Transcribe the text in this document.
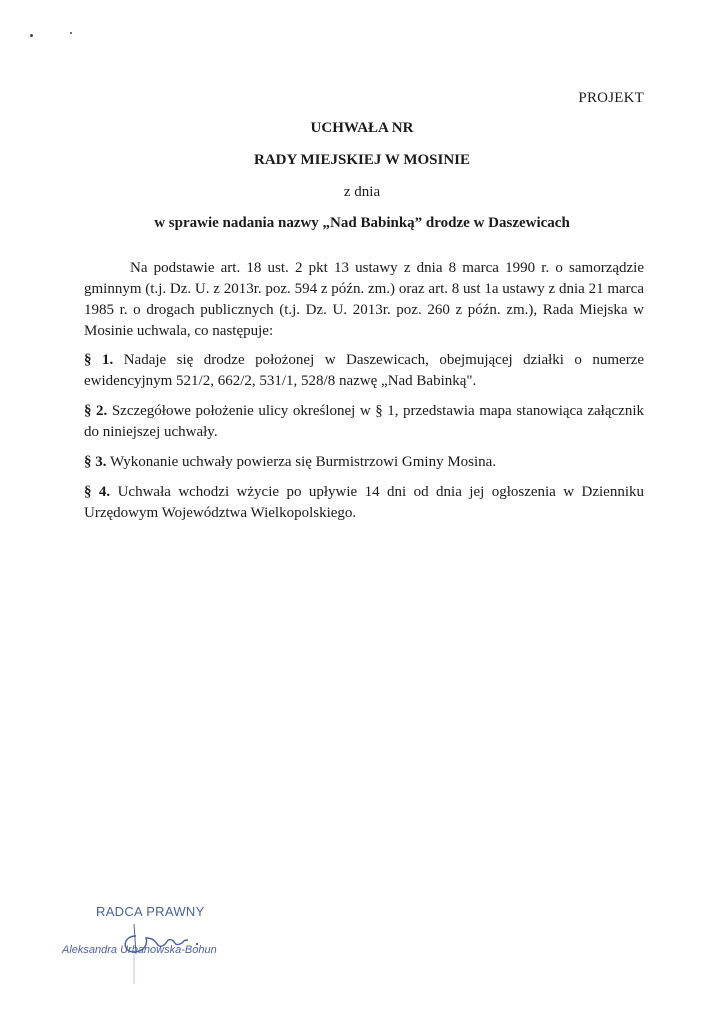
PROJEKT
UCHWAŁA NR
RADY MIEJSKIEJ W MOSINIE
z dnia
w sprawie nadania nazwy „Nad Babinką” drodze w Daszewicach
Na podstawie art. 18 ust. 2 pkt 13 ustawy z dnia 8 marca 1990 r. o samorządzie gminnym (t.j. Dz. U. z 2013r. poz. 594 z późn. zm.) oraz art. 8 ust 1a ustawy z dnia 21 marca 1985 r. o drogach publicznych (t.j. Dz. U. 2013r. poz. 260 z późn. zm.), Rada Miejska w Mosinie uchwala, co następuje:
§ 1. Nadaje się drodze położonej w Daszewicach, obejmującej działki o numerze ewidencyjnym 521/2, 662/2, 531/1, 528/8 nazwę „Nad Babinką".
§ 2. Szczegółowe położenie ulicy określonej w § 1, przedstawia mapa stanowiąca załącznik do niniejszej uchwały.
§ 3. Wykonanie uchwały powierza się Burmistrzowi Gminy Mosina.
§ 4. Uchwała wchodzi wżycie po upływie 14 dni od dnia jej ogłoszenia w Dzienniku Urzędowym Województwa Wielkopolskiego.
RADCA PRAWNY
Aleksandra Urbanowska-Bohun
